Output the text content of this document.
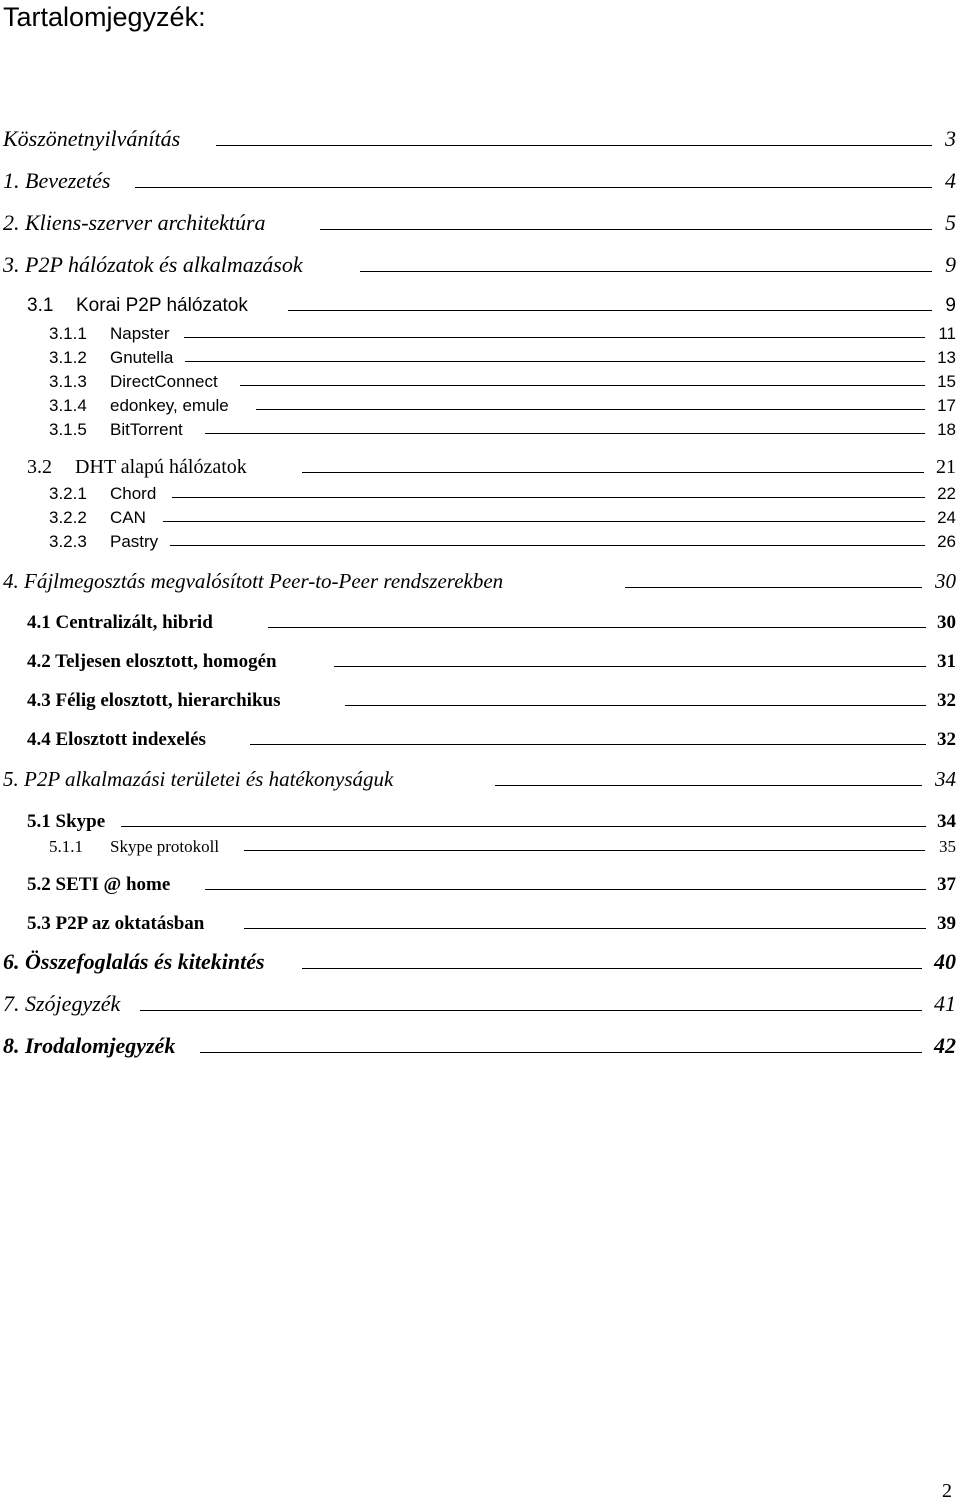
Tartalomjegyzék:
Köszönetnyilvánítás	3
1. Bevezetés	4
2. Kliens-szerver architektúra	5
3. P2P hálózatok és alkalmazások	9
3.1 Korai P2P hálózatok	9
3.1.1 Napster	11
3.1.2 Gnutella	13
3.1.3 DirectConnect	15
3.1.4 edonkey, emule	17
3.1.5 BitTorrent	18
3.2 DHT alapú hálózatok	21
3.2.1 Chord	22
3.2.2 CAN	24
3.2.3 Pastry	26
4. Fájlmegosztás megvalósított Peer-to-Peer rendszerekben	30
4.1 Centralizált, hibrid	30
4.2 Teljesen elosztott, homogén	31
4.3 Félig elosztott, hierarchikus	32
4.4 Elosztott indexelés	32
5. P2P alkalmazási területei és hatékonyságuk	34
5.1 Skype	34
5.1.1 Skype protokoll	35
5.2 SETI @ home	37
5.3 P2P az oktatásban	39
6. Összefoglalás és kitekintés	40
7. Szójegyzék	41
8. Irodalomjegyzék	42
2
